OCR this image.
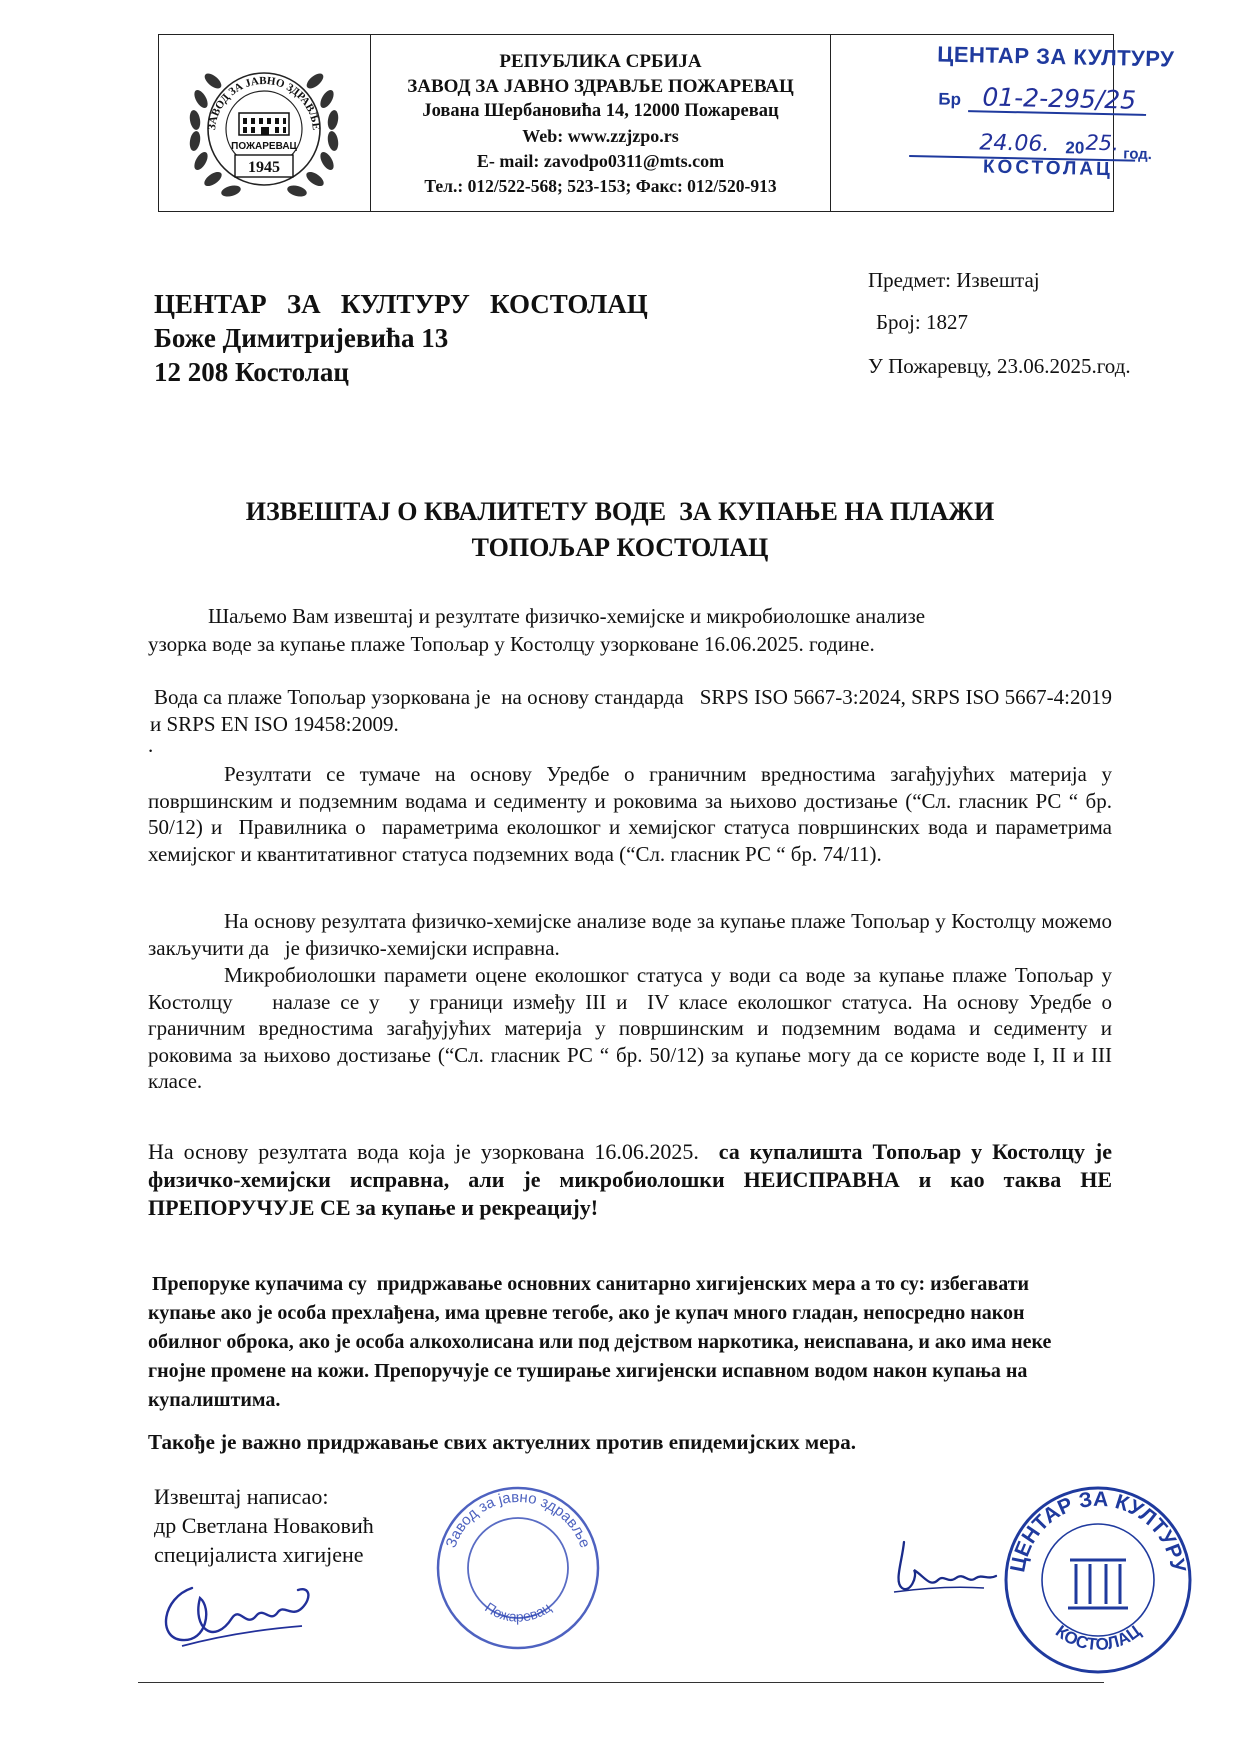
ЗАВОД ЗА ЈАВНО ЗДРАВЉЕ
ПОЖАРЕВАЦ
1945
РЕПУБЛИКА СРБИЈА
ЗАВОД ЗА ЈАВНО ЗДРАВЉЕ ПОЖАРЕВАЦ
Јована Шербановића 14, 12000 Пожаревац
Web: www.zzjzpo.rs
E- mail: zavodpo0311@mts.com
Тел.: 012/522-568; 523-153; Факс: 012/520-913
ЦЕНТАР ЗА КУЛТУРУ
Бр 01-2-295/25
24.06. 20 25. год.
КОСТОЛАЦ
ЦЕНТАР   ЗА   КУЛТУРУ   КОСТОЛАЦ
Боже Димитријевића 13
12 208 Костолац
Предмет: Извештај
Број: 1827
У Пожаревцу, 23.06.2025.год.
ИЗВЕШТАЈ О КВАЛИТЕТУ ВОДЕ  ЗА КУПАЊЕ НА ПЛАЖИ
ТОПОЉАР КОСТОЛАЦ
Шаљемо Вам извештај и резултате физичко-хемијске и микробиолошке анализе
узорка воде за купање плаже Топољар у Костолцу узорковане 16.06.2025. године.
Вода са плаже Топољар узоркована је  на основу стандарда   SRPS ISO 5667-3:2024, SRPS ISO 5667-4:2019 и SRPS EN ISO 19458:2009.
.
Резултати се тумаче на основу Уредбе о граничним вредностима загађујућих материја у површинским и подземним водама и седименту и роковима за њихово достизање (“Сл. гласник РС “ бр. 50/12) и  Правилника о  параметрима еколошког и хемијског статуса површинских вода и параметрима хемијског и квантитативног статуса подземних вода (“Сл. гласник РС “ бр. 74/11).
На основу резултата физичко-хемијске анализе воде за купање плаже Топољар у Костолцу можемо закључити да   је физичко-хемијски исправна.
Микробиолошки парамети оцене еколошког статуса у води са воде за купање плаже Топољар у Костолцу    налазе се у   у граници између III и  IV класе еколошког статуса. На основу Уредбе о граничним вредностима загађујућих материја у површинским и подземним водама и седименту и роковима за њихово достизање (“Сл. гласник РС “ бр. 50/12) за купање могу да се користе воде I, II и III класе.
На основу резултата вода која је узоркована 16.06.2025.  са купалишта Топољар у Костолцу је физичко-хемијски исправна, али је микробиолошки НЕИСПРАВНА и као таква НЕ ПРЕПОРУЧУЈЕ СЕ за купање и рекреацију!
Препоруке купачима су  придржавање основних санитарно хигијенских мера а то су: избегавати купање ако је особа прехлађена, има цревне тегобе, ако је купач много гладан, непосредно након обилног оброка, ако је особа алкохолисана или под дејством наркотика, неиспавана, и ако има неке гнојне промене на кожи. Препоручује се туширање хигијенски испавном водом након купања на купалиштима.
Такође је важно придржавање свих актуелних против епидемијских мера.
Извештај написао:
др Светлана Новаковић
специјалиста хигијене	Завод за јавно здравље
Пожаревац
ЦЕНТАР ЗА КУЛТУРУ
КОСТОЛАЦ
